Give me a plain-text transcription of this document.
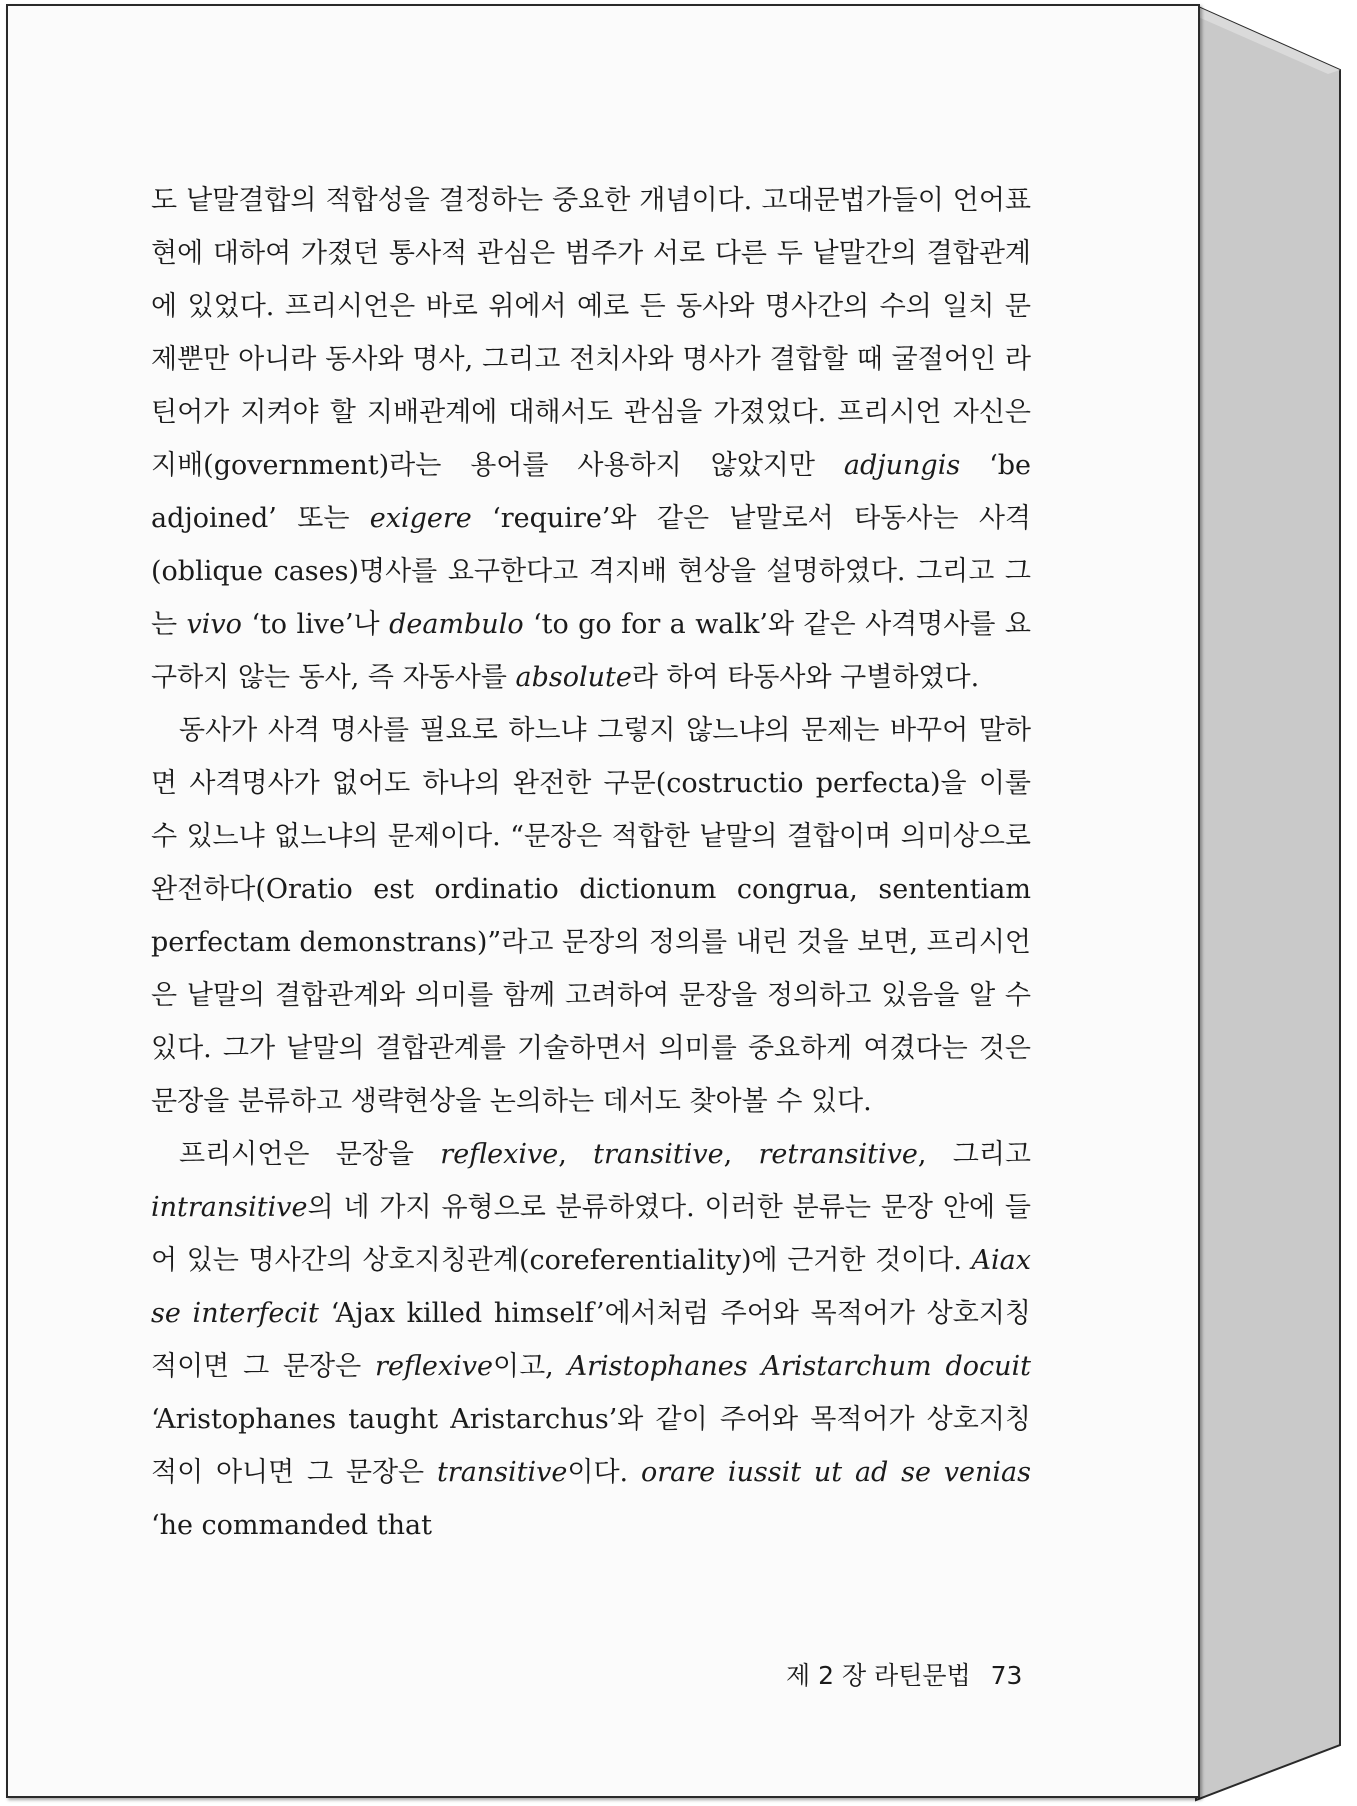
도 낱말결합의 적합성을 결정하는 중요한 개념이다. 고대문법가들이 언어표현에 대하여 가졌던 통사적 관심은 범주가 서로 다른 두 낱말간의 결합관계에 있었다. 프리시언은 바로 위에서 예로 든 동사와 명사간의 수의 일치 문제뿐만 아니라 동사와 명사, 그리고 전치사와 명사가 결합할 때 굴절어인 라틴어가 지켜야 할 지배관계에 대해서도 관심을 가졌었다. 프리시언 자신은 지배(government)라는 용어를 사용하지 않았지만 adjungis ‘be adjoined’ 또는 exigere ‘require’와 같은 낱말로서 타동사는 사격(oblique cases)명사를 요구한다고 격지배 현상을 설명하였다. 그리고 그는 vivo ‘to live’나 deambulo ‘to go for a walk’와 같은 사격명사를 요구하지 않는 동사, 즉 자동사를 absolute라 하여 타동사와 구별하였다.

동사가 사격 명사를 필요로 하느냐 그렇지 않느냐의 문제는 바꾸어 말하면 사격명사가 없어도 하나의 완전한 구문(costructio perfecta)을 이룰 수 있느냐 없느냐의 문제이다. “문장은 적합한 낱말의 결합이며 의미상으로 완전하다(Oratio est ordinatio dictionum congrua, sententiam perfectam demonstrans)”라고 문장의 정의를 내린 것을 보면, 프리시언은 낱말의 결합관계와 의미를 함께 고려하여 문장을 정의하고 있음을 알 수 있다. 그가 낱말의 결합관계를 기술하면서 의미를 중요하게 여겼다는 것은 문장을 분류하고 생략현상을 논의하는 데서도 찾아볼 수 있다.

프리시언은 문장을 reflexive, transitive, retransitive, 그리고 intransitive의 네 가지 유형으로 분류하였다. 이러한 분류는 문장 안에 들어 있는 명사간의 상호지칭관계(coreferentiality)에 근거한 것이다. Aiax se interfecit ‘Ajax killed himself’에서처럼 주어와 목적어가 상호지칭적이면 그 문장은 reflexive이고, Aristophanes Aristarchum docuit ‘Aristophanes taught Aristarchus’와 같이 주어와 목적어가 상호지칭적이 아니면 그 문장은 transitive이다. orare iussit ut ad se venias ‘he commanded that

제 2 장 라틴문법 73
